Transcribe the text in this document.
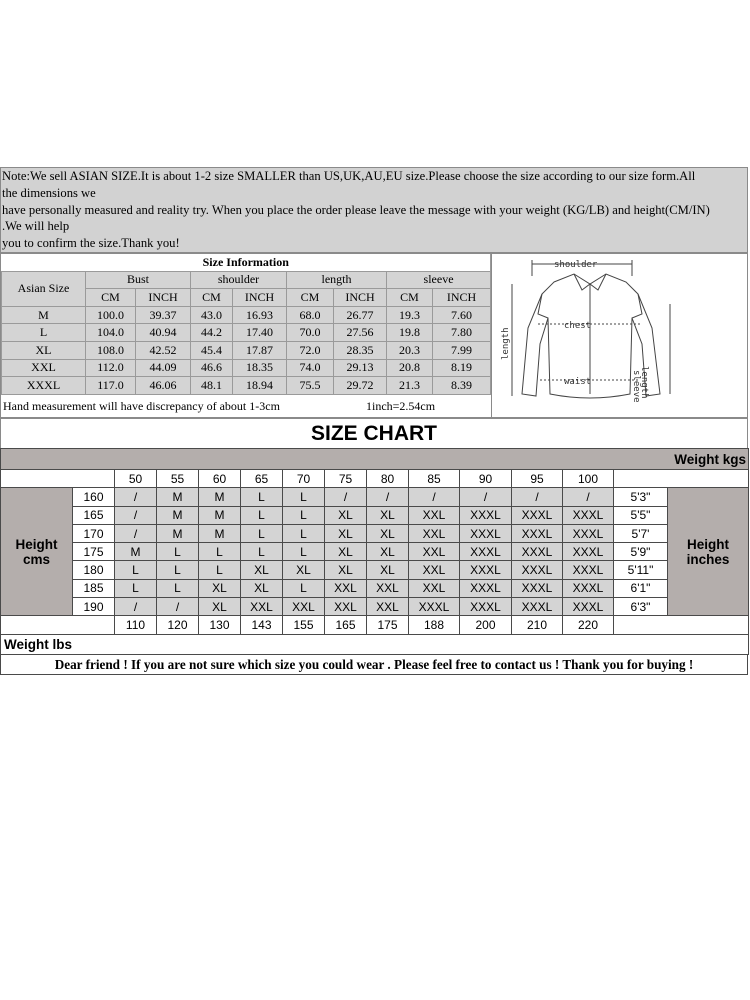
Note:We sell ASIAN SIZE.It is about 1-2 size SMALLER than US,UK,AU,EU size.Please choose the size according to our size form.All
the dimensions we
have personally measured and reality try. When you place the order please leave the message with your weight (KG/LB) and height(CM/IN)
.We will help
you to confirm the size.Thank you!
Size Information								
Asian Size	Bust		shoulder		length		sleeve	
	CM	INCH	CM	INCH	CM	INCH	CM	INCH
M	100.0	39.37	43.0	16.93	68.0	26.77	19.3	7.60
L	104.0	40.94	44.2	17.40	70.0	27.56	19.8	7.80
XL	108.0	42.52	45.4	17.87	72.0	28.35	20.3	7.99
XXL	112.0	44.09	46.6	18.35	74.0	29.13	20.8	8.19
XXXL	117.0	46.06	48.1	18.94	75.5	29.72	21.3	8.39
Hand measurement will have discrepancy of about 1-3cm	1inch=2.54cm
shoulder
chest
waist
length
sleeve
length
SIZE CHART
Weight kgs														
		50	55	60	65	70	75	80	85	90	95	100		
Height cms	160	/	M	M	L	L	/	/	/	/	/	/	5'3"	Height inches
	165	/	M	M	L	L	XL	XL	XXL	XXXL	XXXL	XXXL	5'5"	
	170	/	M	M	L	L	XL	XL	XXL	XXXL	XXXL	XXXL	5'7'	
	175	M	L	L	L	L	XL	XL	XXL	XXXL	XXXL	XXXL	5'9"	
	180	L	L	L	XL	XL	XL	XL	XXL	XXXL	XXXL	XXXL	5'11"	
	185	L	L	XL	XL	L	XXL	XXL	XXL	XXXL	XXXL	XXXL	6'1"	
	190	/	/	XL	XXL	XXL	XXL	XXL	XXXL	XXXL	XXXL	XXXL	6'3"	
		110	120	130	143	155	165	175	188	200	210	220		
Weight lbs														
Dear friend ! If you are not sure which size you could wear . Please feel free to contact us ! Thank you for buying !
